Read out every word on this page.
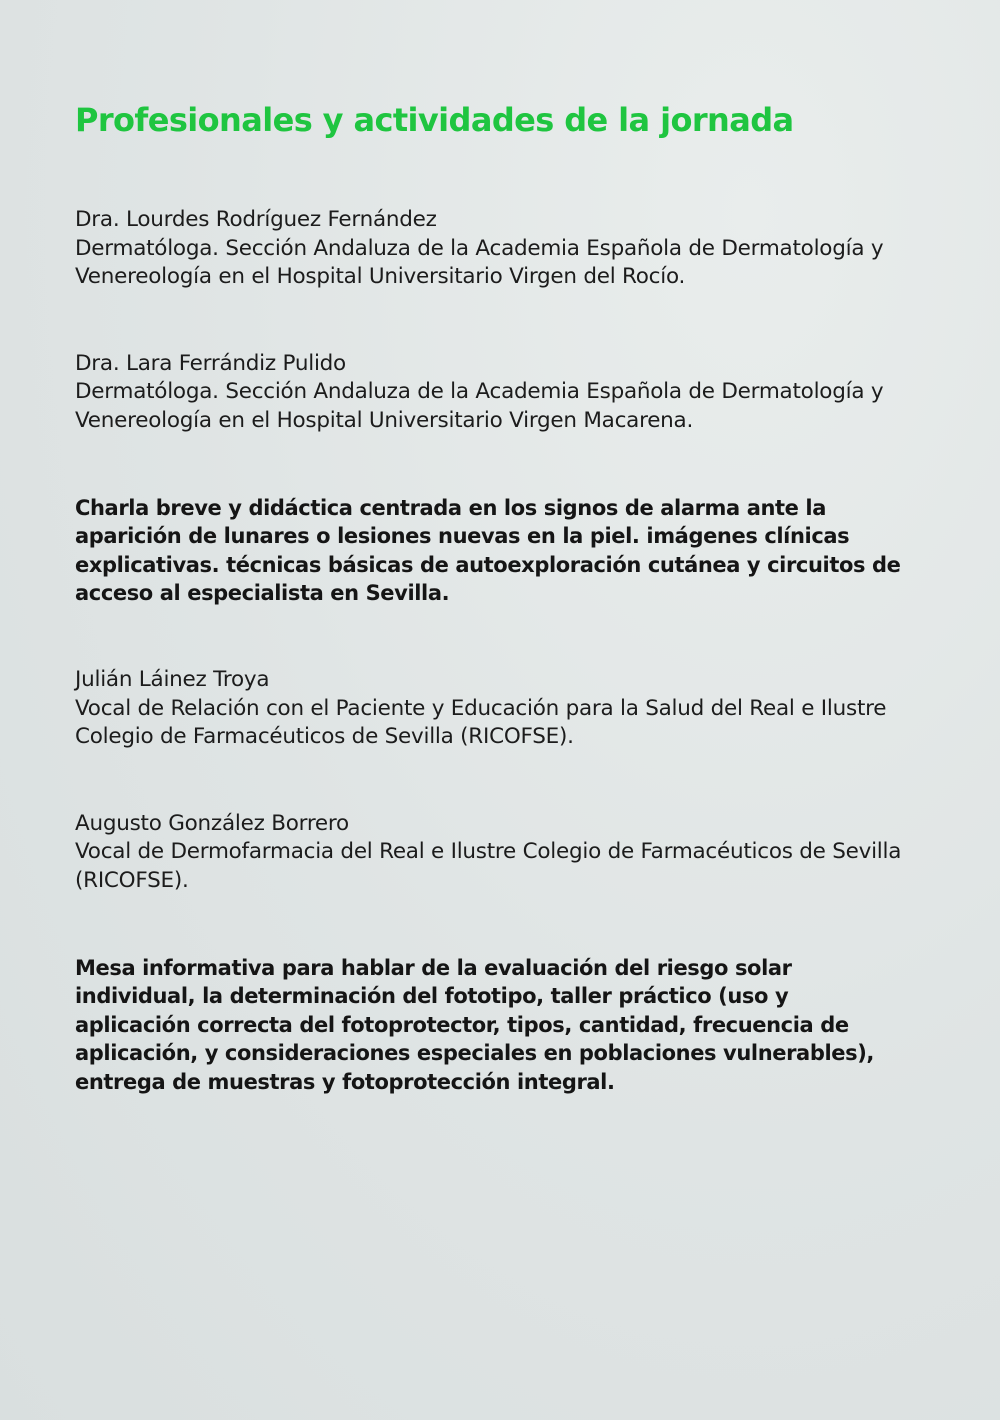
Profesionales y actividades de la jornada
Dra. Lourdes Rodríguez Fernández
Dermatóloga. Sección Andaluza de la Academia Española de Dermatología y Venereología en el Hospital Universitario Virgen del Rocío.
Dra. Lara Ferrándiz Pulido
Dermatóloga. Sección Andaluza de la Academia Española de Dermatología y Venereología en el Hospital Universitario Virgen Macarena.

Charla breve y didáctica centrada en los signos de alarma ante la aparición de lunares o lesiones nuevas en la piel. imágenes clínicas explicativas. técnicas básicas de autoexploración cutánea y circuitos de acceso al especialista en Sevilla.

Julián Láinez Troya
Vocal de Relación con el Paciente y Educación para la Salud del Real e Ilustre Colegio de Farmacéuticos de Sevilla (RICOFSE).
Augusto González Borrero
Vocal de Dermofarmacia del Real e Ilustre Colegio de Farmacéuticos de Sevilla (RICOFSE).

Mesa informativa para hablar de la evaluación del riesgo solar individual, la determinación del fototipo, taller práctico (uso y aplicación correcta del fotoprotector, tipos, cantidad, frecuencia de aplicación, y consideraciones especiales en poblaciones vulnerables), entrega de muestras y fotoprotección integral.
